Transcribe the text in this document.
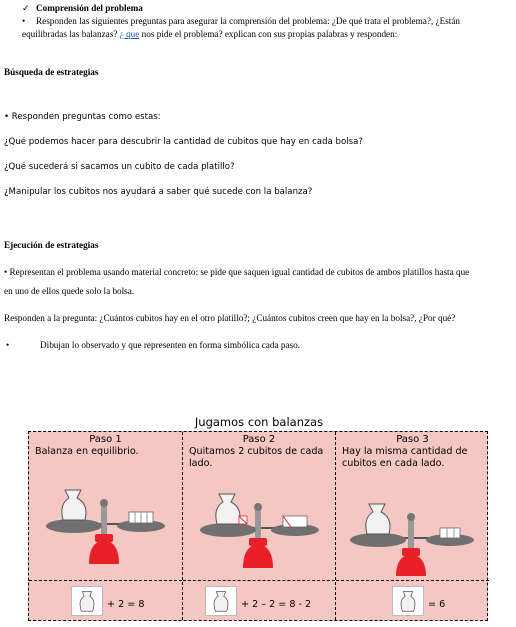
✓ Comprensión del problema
• Responden las siguientes preguntas para asegurar la comprensión del problema: ¿De qué trata el problema?, ¿Están
equilibradas las balanzas? ¿ que nos pide el problema? explican con sus propias palabras y responden:
Búsqueda de estrategias
• Responden preguntas como estas:
¿Qué podemos hacer para descubrir la cantidad de cubitos que hay en cada bolsa?
¿Qué sucederá si sacamos un cubito de cada platillo?
¿Manipular los cubitos nos ayudará a saber qué sucede con la balanza?
Ejecución de estrategias
• Representan el problema usando material concreto: se pide que saquen igual cantidad de cubitos de ambos platillos hasta que
en uno de ellos quede solo la bolsa.
Responden a la pregunta: ¿Cuántos cubitos hay en el otro platillo?; ¿Cuántos cubitos creen que hay en la bolsa?, ¿Por qué?
•	Dibujan lo observado y que representen en forma simbólica cada paso.
Jugamos con balanzas
Paso 1
Balanza en equilibrio.
+ 2 = 8
Paso 2
Quitamos 2 cubitos de cada lado.
+ 2 – 2 = 8 - 2
Paso 3
Hay la misma cantidad de cubitos en cada lado.
= 6
